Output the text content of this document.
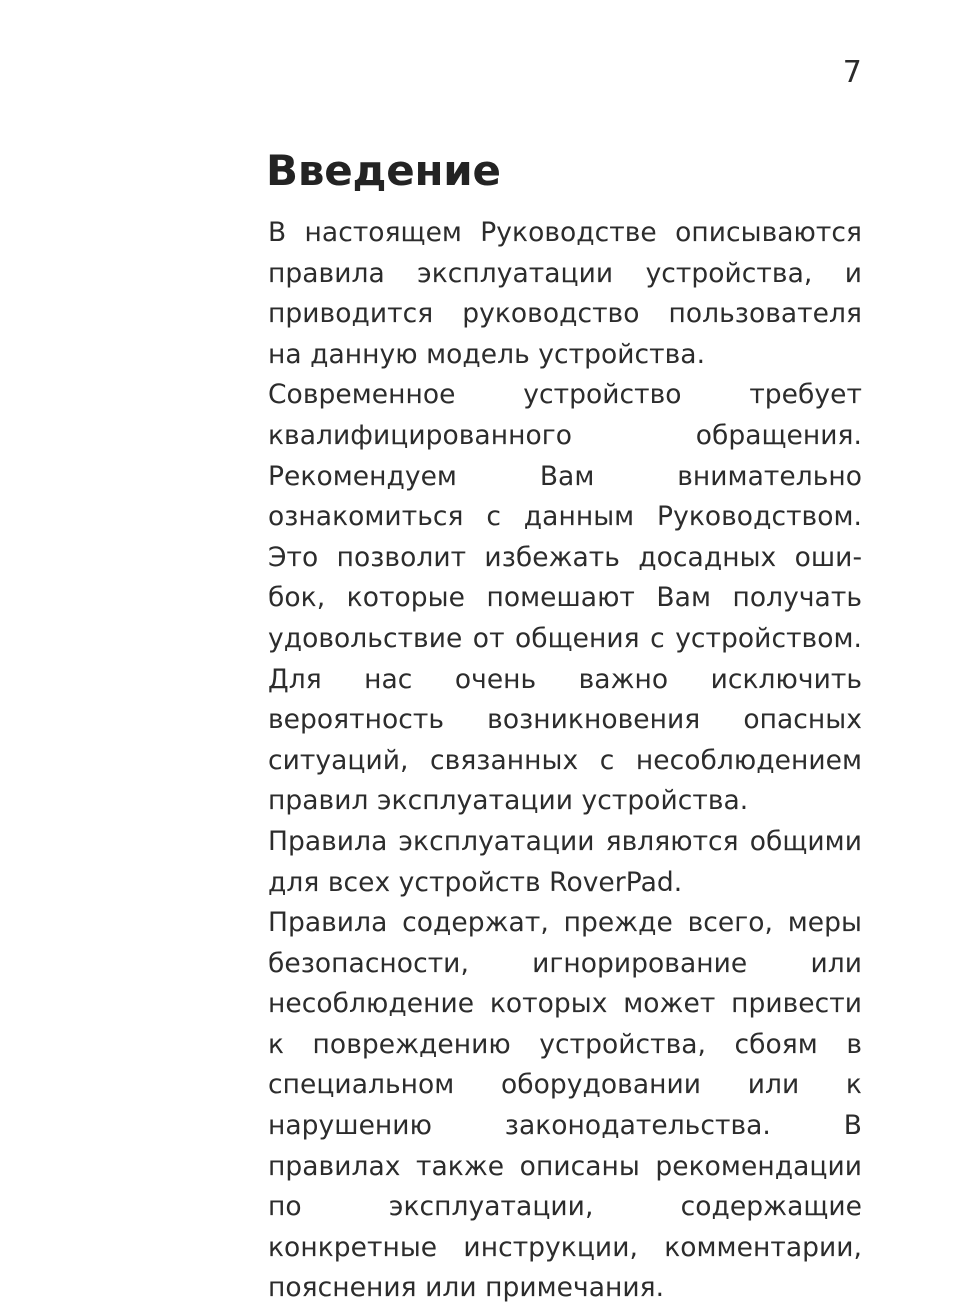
7
Введение

В настоящем Руководстве описываются правила эксплуатации устройства, и приводится руководство пользователя на данную модель устройства.

Современное устройство требует квалифицированного обращения. Рекомендуем Вам внимательно ознакомиться с данным Руководством. Это позволит избежать досадных ошибок, которые помешают Вам получать удовольствие от общения с устройством. Для нас очень важно исключить вероятность возникновения опасных ситуаций, связанных с несоблюдением правил эксплуатации устройства.

Правила эксплуатации являются общими для всех устройств RoverPad.

Правила содержат, прежде всего, меры безопасности, игнорирование или несоблюдение которых может привести к повреждению устройства, сбоям в специальном оборудовании или к нарушению законодательства. В правилах также описаны рекомендации по эксплуатации, содержащие конкретные инструкции, комментарии, пояснения или примечания.
